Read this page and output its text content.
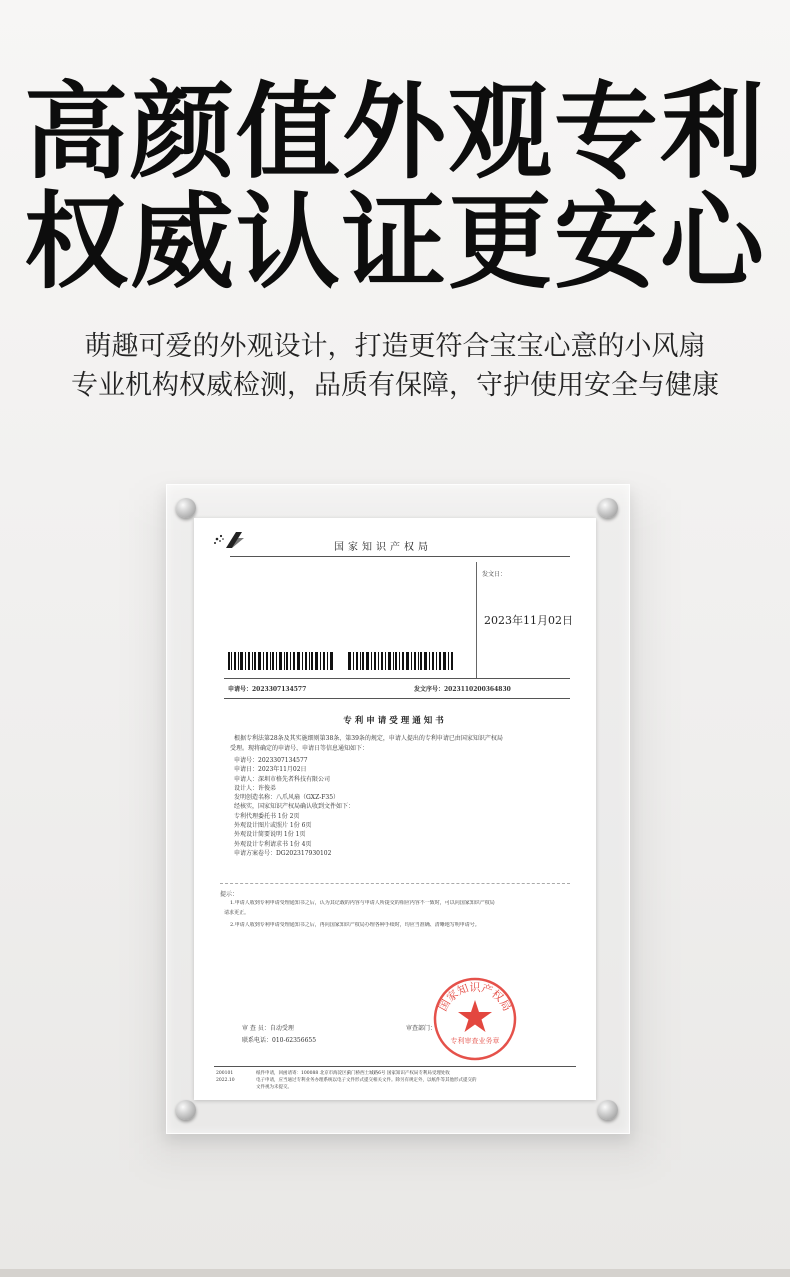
高颜值外观专利
权威认证更安心
萌趣可爱的外观设计，打造更符合宝宝心意的小风扇
专业机构权威检测，品质有保障，守护使用安全与健康
国家知识产权局
发文日：
2023年11月02日
申请号：2023307134577	发文序号：2023110200364830
专利申请受理通知书
根据专利法第28条及其实施细则第38条、第39条的规定，申请人提出的专利申请已由国家知识产权局
受理。现将确定的申请号、申请日等信息通知如下：
申请号：2023307134577
申请日：2023年11月02日
申请人：深圳市格先者科技有限公司
设计人：许俊弟
发明创造名称：八爪风扇（GXZ-F35）
经核实，国家知识产权局确认收到文件如下：
专利代理委托书 1份 2页
外观设计图片或照片 1份 6页
外观设计简要说明 1份 1页
外观设计专利请求书 1份 4页
申请方案卷号：DG202317930102
提示：
1.申请人收到专利申请受理通知书之后，认为其记载的内容与申请人所提交的相应内容不一致时，可以向国家知识产权局
请求更正。
2.申请人收到专利申请受理通知书之后，再向国家知识产权局办理各种手续时，均应当准确、清晰地写明申请号。
国家知识产权局
专利审查业务章
审 查 员：自动受理	审查部门：
联系电话：010-62356655
200101
2022.10
纸件申请，回函请寄：100088 北京市海淀区蓟门桥西土城路6号 国家知识产权局专利局受理处收
电子申请，应当通过专利业务办理系统以电子文件形式提交相关文件。除另有规定外，以纸件等其他形式提交的
文件视为未提交。
